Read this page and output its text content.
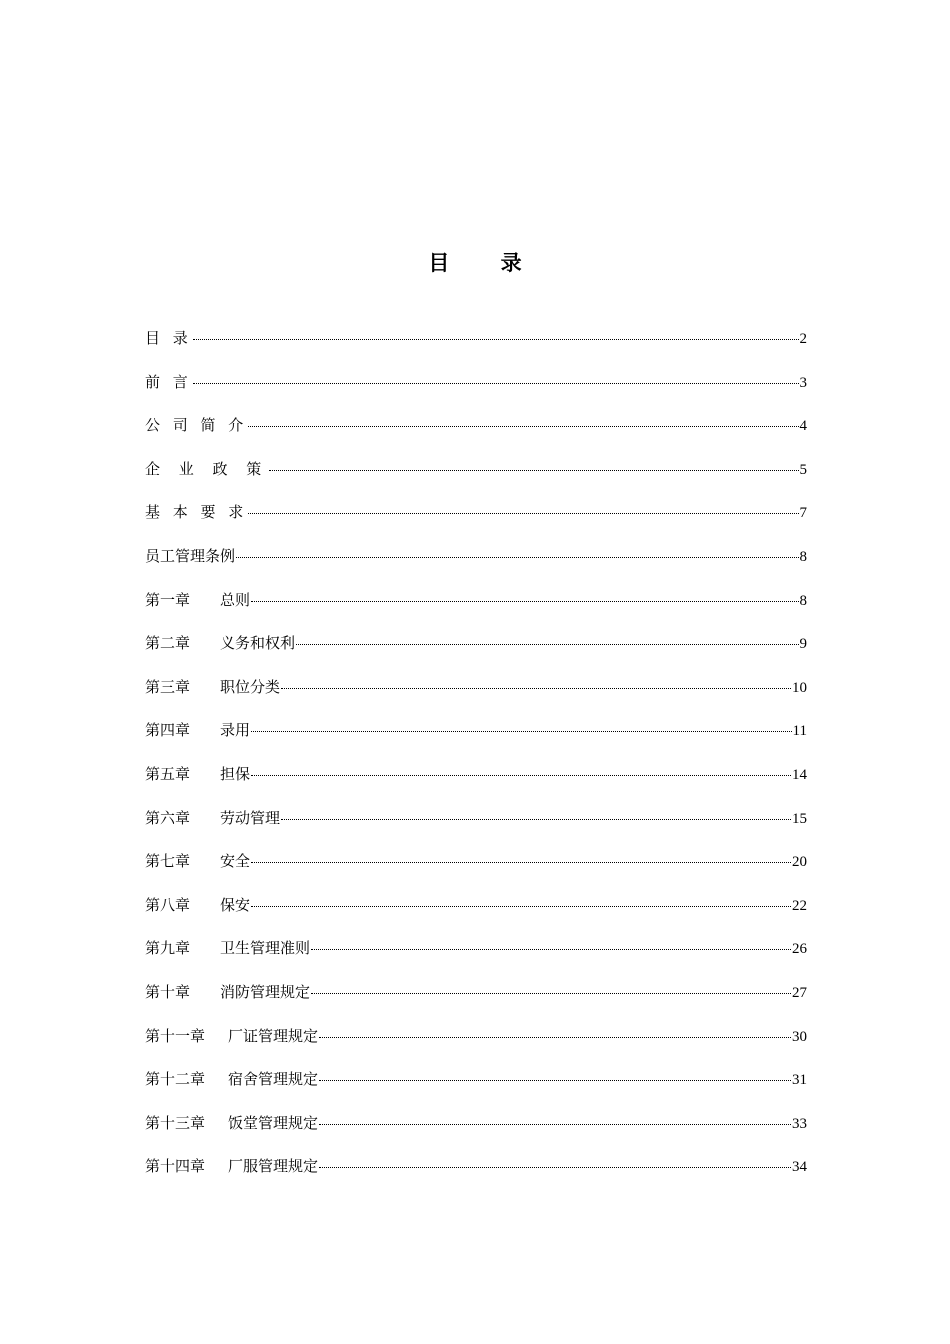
目 录
目 录	2
前 言	3
公 司 简 介	4
企 业 政 策	5
基 本 要 求	7
员工管理条例	8
第一章	总则	8
第二章	义务和权利	9
第三章	职位分类	10
第四章	录用	11
第五章	担保	14
第六章	劳动管理	15
第七章	安全	20
第八章	保安	22
第九章	卫生管理准则	26
第十章	消防管理规定	27
第十一章	厂证管理规定	30
第十二章	宿舍管理规定	31
第十三章	饭堂管理规定	33
第十四章	厂服管理规定	34
